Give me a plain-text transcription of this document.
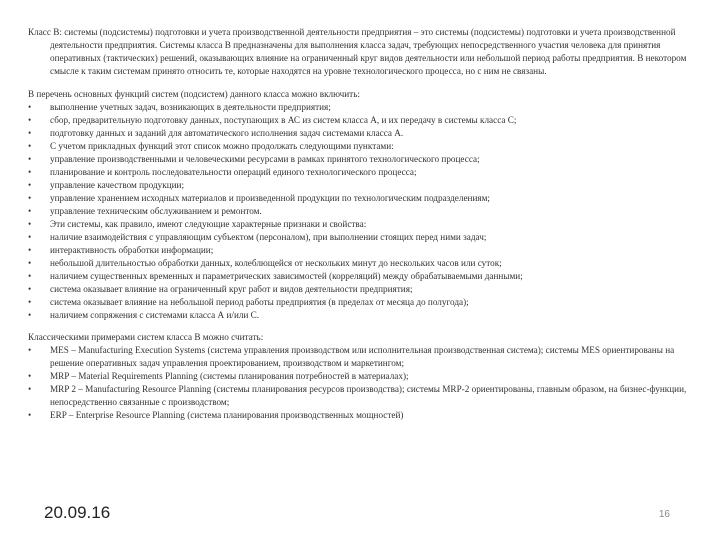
Класс B: системы (подсистемы) подготовки и учета производственной деятельности предприятия – это системы (подсистемы) подготовки и учета производственной деятельности предприятия. Системы класса B предназначены для выполнения класса задач, требующих непосредственного участия человека для принятия оперативных (тактических) решений, оказывающих влияние на ограниченный круг видов деятельности или небольшой период работы предприятия. В некотором смысле к таким системам принято относить те, которые находятся на уровне технологического процесса, но с ним не связаны.

В перечень основных функций систем (подсистем) данного класса можно включить:

•	выполнение учетных задач, возникающих в деятельности предприятия;
•	сбор, предварительную подготовку данных, поступающих в АС из систем класса А, и их передачу в системы класса С;
•	подготовку данных и заданий для автоматического исполнения задач системами класса А.
•	С учетом прикладных функций этот список можно продолжать следующими пунктами:
•	управление производственными и человеческими ресурсами в рамках принятого технологического процесса;
•	планирование и контроль последовательности операций единого технологического процесса;
•	управление качеством продукции;
•	управление хранением исходных материалов и произведенной продукции по технологическим подразделениям;
•	управление техническим обслуживанием и ремонтом.
•	Эти системы, как правило, имеют следующие характерные признаки и свойства:
•	наличие взаимодействия с управляющим субъектом (персоналом), при выполнении стоящих перед ними задач;
•	интерактивность обработки информации;
•	небольшой длительностью обработки данных, колеблющейся от нескольких минут до нескольких часов или суток;
•	наличием существенных временных и параметрических зависимостей (корреляций) между обрабатываемыми данными;
•	система оказывает влияние на ограниченный круг работ и видов деятельности предприятия;
•	система оказывает влияние на небольшой период работы предприятия (в пределах от месяца до полугода);
•	наличием сопряжения с системами класса А и/или С.

Классическими примерами систем класса B можно считать:

•	MES – Manufacturing Execution Systems (система управления производством или исполнительная производственная система); системы MES ориентированы на решение оперативных задач управления проектированием, производством и маркетингом;
•	MRP – Material Requirements Planning (системы планирования потребностей в материалах);
•	MRP 2 – Manufacturing Resource Planning (системы планирования ресурсов производства); системы MRP-2 ориентированы, главным образом, на бизнес-функции, непосредственно связанные с производством;
•	ERP – Enterprise Resource Planning (система планирования производственных мощностей)
20.09.16	16
